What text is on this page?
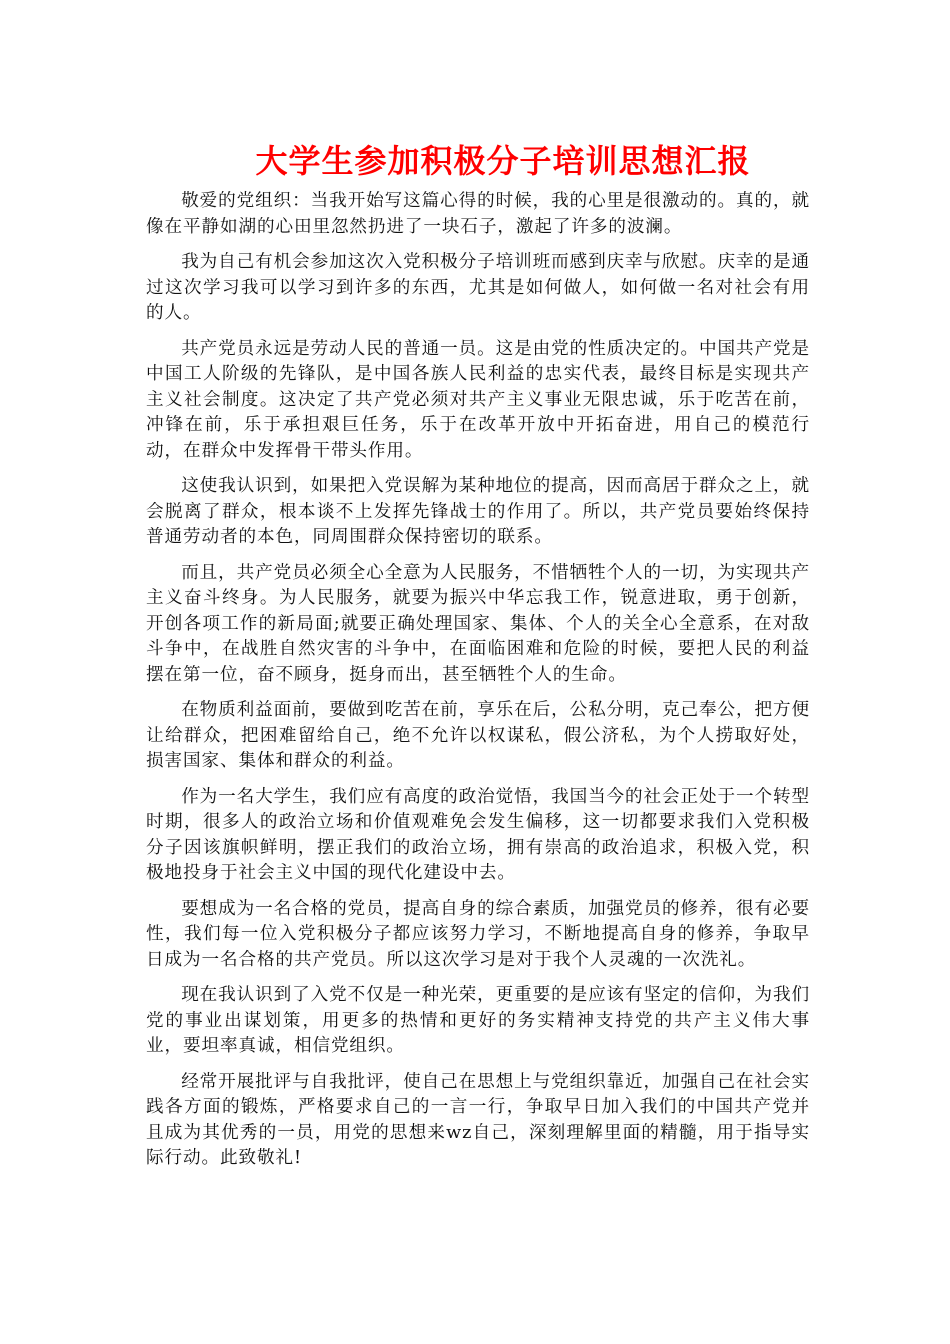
大学生参加积极分子培训思想汇报

敬爱的党组织：当我开始写这篇心得的时候，我的心里是很激动的。真的，就像在平静如湖的心田里忽然扔进了一块石子，激起了许多的波澜。

我为自己有机会参加这次入党积极分子培训班而感到庆幸与欣慰。庆幸的是通过这次学习我可以学习到许多的东西，尤其是如何做人，如何做一名对社会有用的人。

共产党员永远是劳动人民的普通一员。这是由党的性质决定的。中国共产党是中国工人阶级的先锋队，是中国各族人民利益的忠实代表，最终目标是实现共产主义社会制度。这决定了共产党必须对共产主义事业无限忠诚，乐于吃苦在前，冲锋在前，乐于承担艰巨任务，乐于在改革开放中开拓奋进，用自己的模范行动，在群众中发挥骨干带头作用。

这使我认识到，如果把入党误解为某种地位的提高，因而高居于群众之上，就会脱离了群众，根本谈不上发挥先锋战士的作用了。所以，共产党员要始终保持普通劳动者的本色，同周围群众保持密切的联系。

而且，共产党员必须全心全意为人民服务，不惜牺牲个人的一切，为实现共产主义奋斗终身。为人民服务，就要为振兴中华忘我工作，锐意进取，勇于创新，开创各项工作的新局面;就要正确处理国家、集体、个人的关全心全意系，在对敌斗争中，在战胜自然灾害的斗争中，在面临困难和危险的时候，要把人民的利益摆在第一位，奋不顾身，挺身而出，甚至牺牲个人的生命。

在物质利益面前，要做到吃苦在前，享乐在后，公私分明，克己奉公，把方便让给群众，把困难留给自己，绝不允许以权谋私，假公济私，为个人捞取好处，损害国家、集体和群众的利益。

作为一名大学生，我们应有高度的政治觉悟，我国当今的社会正处于一个转型时期，很多人的政治立场和价值观难免会发生偏移，这一切都要求我们入党积极分子因该旗帜鲜明，摆正我们的政治立场，拥有崇高的政治追求，积极入党，积极地投身于社会主义中国的现代化建设中去。

要想成为一名合格的党员，提高自身的综合素质，加强党员的修养，很有必要性，我们每一位入党积极分子都应该努力学习，不断地提高自身的修养，争取早日成为一名合格的共产党员。所以这次学习是对于我个人灵魂的一次洗礼。

现在我认识到了入党不仅是一种光荣，更重要的是应该有坚定的信仰，为我们党的事业出谋划策，用更多的热情和更好的务实精神支持党的共产主义伟大事业，要坦率真诚，相信党组织。

经常开展批评与自我批评，使自己在思想上与党组织靠近，加强自己在社会实践各方面的锻炼，严格要求自己的一言一行，争取早日加入我们的中国共产党并且成为其优秀的一员，用党的思想来wz自己，深刻理解里面的精髓，用于指导实际行动。此致敬礼!
